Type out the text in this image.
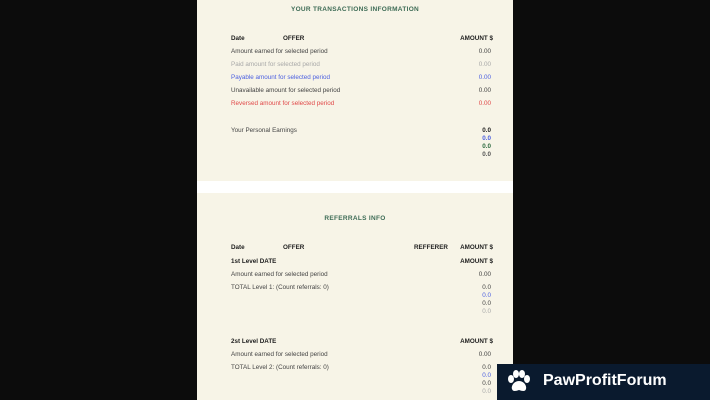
YOUR TRANSACTIONS INFORMATION
Date	OFFER	AMOUNT $
Amount earned for selected period	0.00
Paid amount for selected period	0.00
Payable amount for selected period	0.00
Unavailable amount for selected period	0.00
Reversed amount for selected period	0.00
Your Personal Earnings	0.0
0.0
0.0
0.0
REFERRALS INFO
Date	OFFER	REFFERER	AMOUNT $
1st Level DATE	AMOUNT $
Amount earned for selected period	0.00
TOTAL Level 1: (Count referrals: 0)	0.0
0.0
0.0
0.0
2st Level DATE	AMOUNT $
Amount earned for selected period	0.00
TOTAL Level 2: (Count referrals: 0)	0.0
0.0
0.0
0.0
PawProfitForum
